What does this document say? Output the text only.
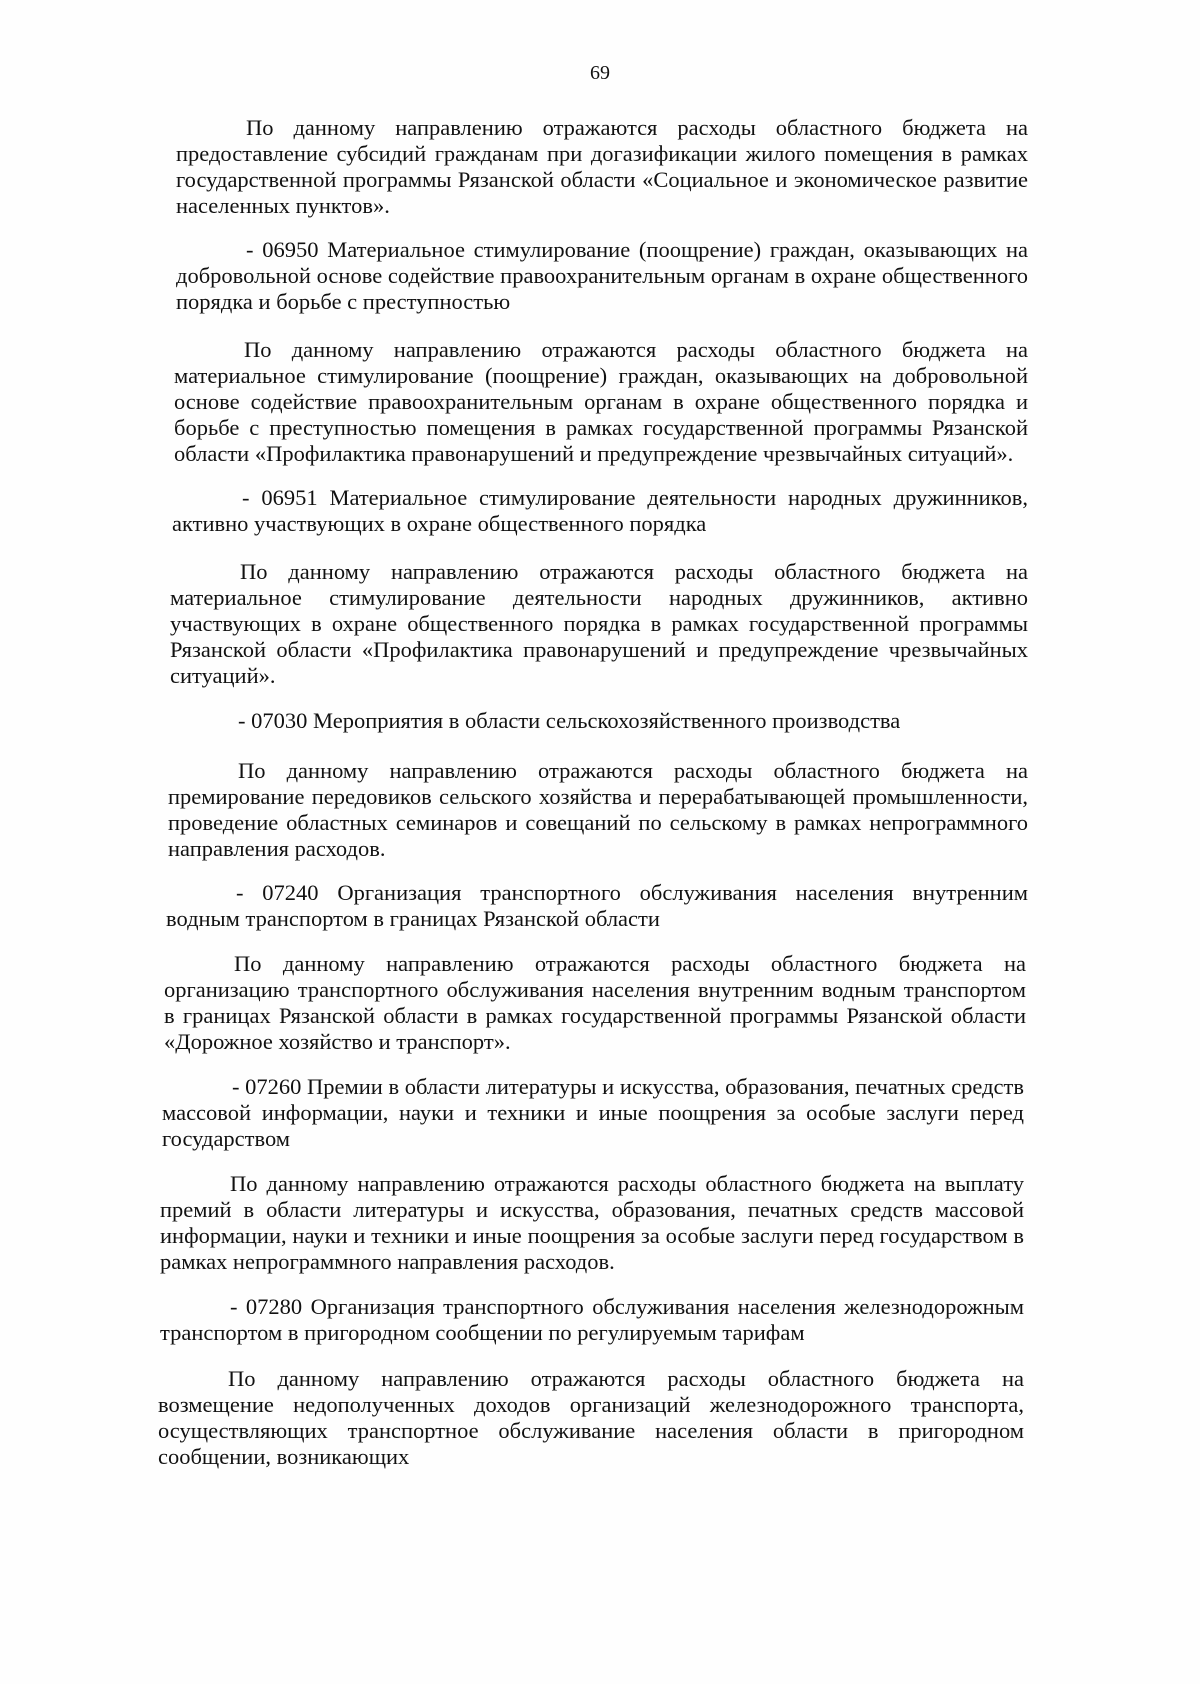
69

По данному направлению отражаются расходы областного бюджета на предоставление субсидий гражданам при догазификации жилого помещения в рамках государственной программы Рязанской области «Социальное и экономическое развитие населенных пунктов».

- 06950 Материальное стимулирование (поощрение) граждан, оказывающих на добровольной основе содействие правоохранительным органам в охране общественного порядка и борьбе с преступностью

По данному направлению отражаются расходы областного бюджета на материальное стимулирование (поощрение) граждан, оказывающих на добровольной основе содействие правоохранительным органам в охране общественного порядка и борьбе с преступностью помещения в рамках государственной программы Рязанской области «Профилактика правонарушений и предупреждение чрезвычайных ситуаций».

- 06951 Материальное стимулирование деятельности народных дружинников, активно участвующих в охране общественного порядка

По данному направлению отражаются расходы областного бюджета на материальное стимулирование деятельности народных дружинников, активно участвующих в охране общественного порядка в рамках государственной программы Рязанской области «Профилактика правонарушений и предупреждение чрезвычайных ситуаций».

- 07030 Мероприятия в области сельскохозяйственного производства

По данному направлению отражаются расходы областного бюджета на премирование передовиков сельского хозяйства и перерабатывающей промышленности, проведение областных семинаров и совещаний по сельскому в рамках непрограммного направления расходов.

- 07240 Организация транспортного обслуживания населения внутренним водным транспортом в границах Рязанской области

По данному направлению отражаются расходы областного бюджета на организацию транспортного обслуживания населения внутренним водным транспортом в границах Рязанской области в рамках государственной программы Рязанской области «Дорожное хозяйство и транспорт».

- 07260 Премии в области литературы и искусства, образования, печатных средств массовой информации, науки и техники и иные поощрения за особые заслуги перед государством

По данному направлению отражаются расходы областного бюджета на выплату премий в области литературы и искусства, образования, печатных средств массовой информации, науки и техники и иные поощрения за особые заслуги перед государством в рамках непрограммного направления расходов.

- 07280 Организация транспортного обслуживания населения железнодорожным транспортом в пригородном сообщении по регулируемым тарифам

По данному направлению отражаются расходы областного бюджета на возмещение недополученных доходов организаций железнодорожного транспорта, осуществляющих транспортное обслуживание населения области в пригородном сообщении, возникающих
